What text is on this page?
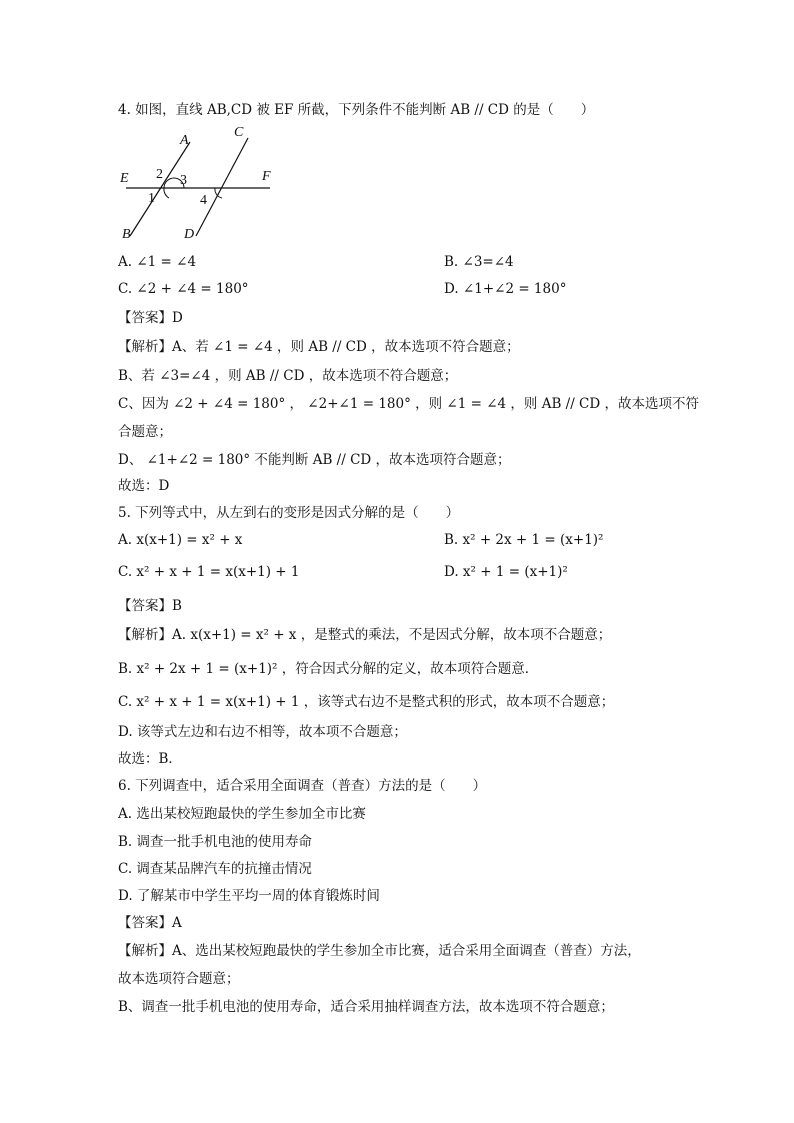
4. 如图，直线 AB,CD 被 EF 所截，下列条件不能判断 AB // CD 的是（　　）
A
B
C
D
E	F
1
2 3
4
A. ∠1 = ∠4	B. ∠3=∠4
C. ∠2 + ∠4 = 180°	D. ∠1+∠2 = 180°
【答案】D
【解析】A、若 ∠1 = ∠4 ，则 AB // CD ，故本选项不符合题意；
B、若 ∠3=∠4 ，则 AB // CD ，故本选项不符合题意；
C、因为 ∠2 + ∠4 = 180° ， ∠2+∠1 = 180° ，则 ∠1 = ∠4 ，则 AB // CD ，故本选项不符
合题意；
D、 ∠1+∠2 = 180° 不能判断 AB // CD ，故本选项符合题意；
故选：D
5. 下列等式中，从左到右的变形是因式分解的是（　　）
A. x(x+1) = x² + x	B. x² + 2x + 1 = (x+1)²
C. x² + x + 1 = x(x+1) + 1	D. x² + 1 = (x+1)²
【答案】B
【解析】A. x(x+1) = x² + x ，是整式的乘法，不是因式分解，故本项不合题意；
B. x² + 2x + 1 = (x+1)² ，符合因式分解的定义，故本项符合题意．
C. x² + x + 1 = x(x+1) + 1 ，该等式右边不是整式积的形式，故本项不合题意；
D. 该等式左边和右边不相等，故本项不合题意；
故选：B．
6. 下列调查中，适合采用全面调查（普查）方法的是（　　）
A. 选出某校短跑最快的学生参加全市比赛
B. 调查一批手机电池的使用寿命
C. 调查某品牌汽车的抗撞击情况
D. 了解某市中学生平均一周的体育锻炼时间
【答案】A
【解析】A、选出某校短跑最快的学生参加全市比赛，适合采用全面调查（普查）方法，
故本选项符合题意；
B、调查一批手机电池的使用寿命，适合采用抽样调查方法，故本选项不符合题意；
